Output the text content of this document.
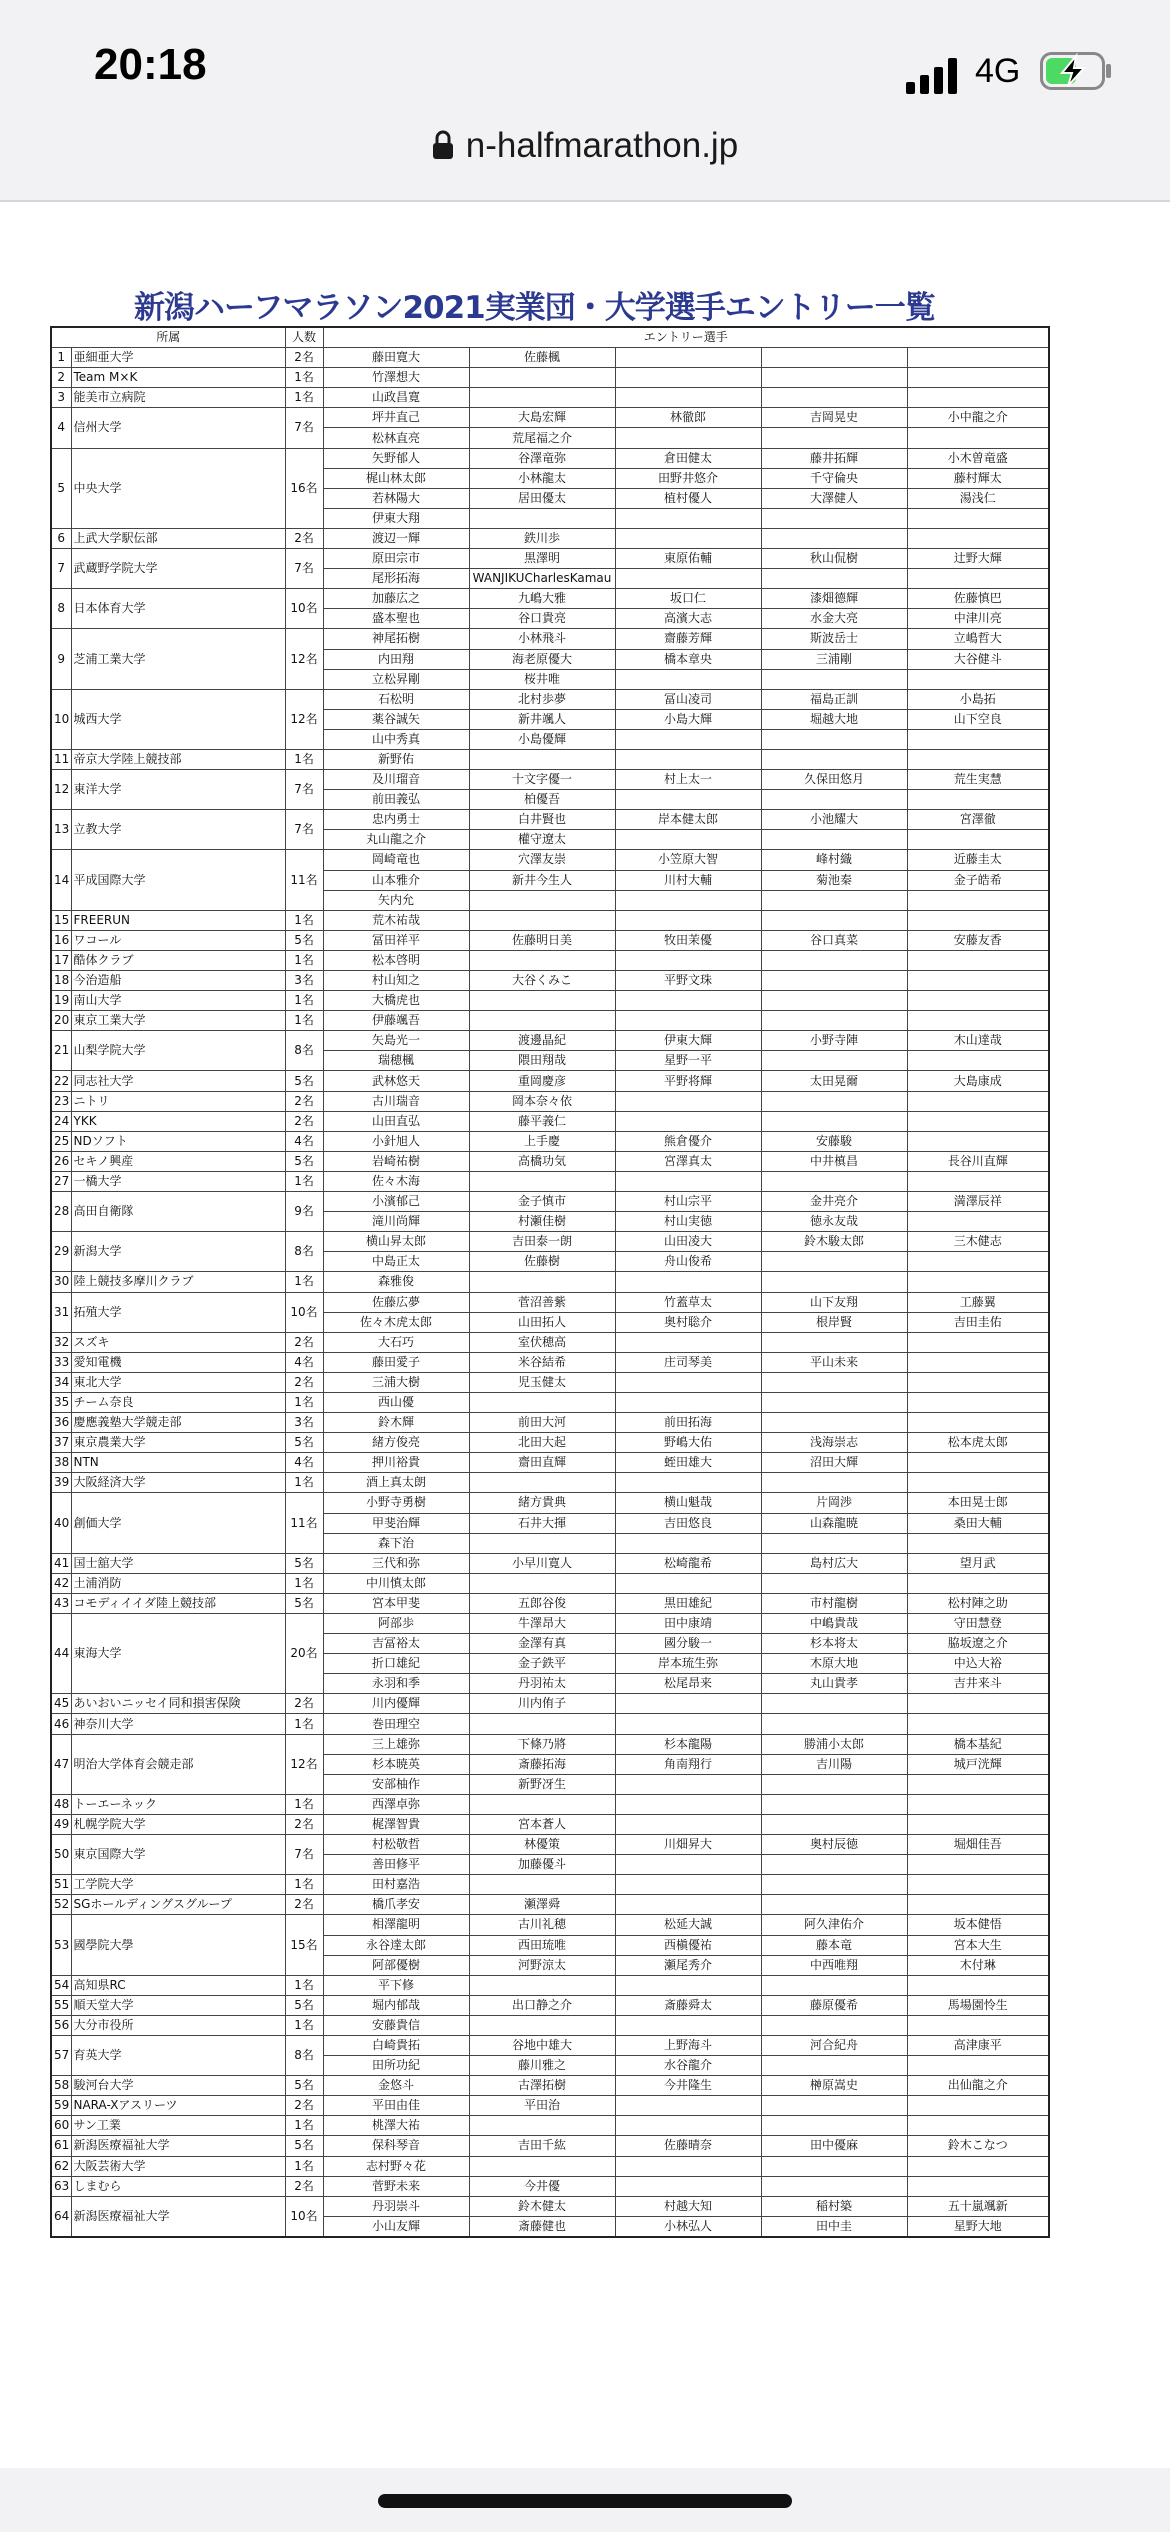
20:18	4G
n-halfmarathon.jp
新潟ハーフマラソン2021実業団・大学選手エントリー一覧
所属		人数	エントリー選手				
1	亜細亜大学	2名	藤田寛大	佐藤楓			
2	Team M×K	1名	竹澤想大				
3	能美市立病院	1名	山政昌寛				
4	信州大学	7名	坪井直己	大島宏輝	林徹郎	吉岡晃史	小中龍之介
			松林直亮	荒尾福之介			
5	中央大学	16名	矢野郁人	谷澤竜弥	倉田健太	藤井拓輝	小木曽竜盛
			梶山林太郎	小林龍太	田野井悠介	千守倫央	藤村輝太
			若林陽大	居田優太	植村優人	大澤健人	湯浅仁
			伊東大翔				
6	上武大学駅伝部	2名	渡辺一輝	鉄川歩			
7	武蔵野学院大学	7名	原田宗市	黒澤明	東原佑輔	秋山侃樹	辻野大輝
			尾形拓海	WANJIKUCharlesKamau			
8	日本体育大学	10名	加藤広之	九嶋大雅	坂口仁	漆畑德輝	佐藤慎巴
			盛本聖也	谷口貴亮	高濱大志	水金大亮	中津川亮
9	芝浦工業大学	12名	神尾拓樹	小林飛斗	齋藤芳輝	斯波岳士	立嶋哲大
			内田翔	海老原優大	橋本章央	三浦剛	大谷健斗
			立松昇剛	桜井唯			
10	城西大学	12名	石松明	北村歩夢	冨山凌司	福島正訓	小島拓
			薬谷誠矢	新井颯人	小島大輝	堀越大地	山下空良
			山中秀真	小島優輝			
11	帝京大学陸上競技部	1名	新野佑				
12	東洋大学	7名	及川瑠音	十文字優一	村上太一	久保田悠月	荒生実慧
			前田義弘	柏優吾			
13	立教大学	7名	忠内勇士	白井賢也	岸本健太郎	小池耀大	宮澤徹
			丸山龍之介	權守遼太			
14	平成国際大学	11名	岡崎竜也	穴澤友崇	小笠原大智	峰村織	近藤圭太
			山本雅介	新井今生人	川村大輔	菊池秦	金子皓希
			矢内允				
15	FREERUN	1名	荒木祐哉				
16	ワコール	5名	冨田祥平	佐藤明日美	牧田茉優	谷口真菜	安藤友香
17	酷体クラブ	1名	松本啓明				
18	今治造船	3名	村山知之	大谷くみこ	平野文珠		
19	南山大学	1名	大橋虎也				
20	東京工業大学	1名	伊藤颯吾				
21	山梨学院大学	8名	矢島光一	渡邊晶紀	伊東大輝	小野寺陣	木山達哉
			瑞穂楓	隈田翔哉	星野一平		
22	同志社大学	5名	武林悠天	重岡慶彦	平野将輝	太田晃爾	大島康成
23	ニトリ	2名	古川瑞音	岡本奈々依			
24	YKK	2名	山田直弘	藤平義仁			
25	NDソフト	4名	小針旭人	上手慶	熊倉優介	安藤駿	
26	セキノ興産	5名	岩崎祐樹	高橋功気	宮澤真太	中井槙昌	長谷川直輝
27	一橋大学	1名	佐々木海				
28	高田自衛隊	9名	小濱郁己	金子慎市	村山宗平	金井亮介	満澤辰祥
			滝川尚輝	村瀬佳樹	村山実徳	徳永友哉	
29	新潟大学	8名	横山昇太郎	吉田泰一朗	山田凌大	鈴木駿太郎	三木健志
			中島正太	佐藤樹	舟山俊希		
30	陸上競技多摩川クラブ	1名	森雅俊				
31	拓殖大学	10名	佐藤広夢	菅沼善紫	竹蓋草太	山下友翔	工藤翼
			佐々木虎太郎	山田拓人	奥村聡介	根岸賢	吉田圭佑
32	スズキ	2名	大石巧	室伏穂高			
33	愛知電機	4名	藤田愛子	米谷結希	庄司琴美	平山未来	
34	東北大学	2名	三浦大樹	児玉健太			
35	チーム奈良	1名	西山優				
36	慶應義塾大学競走部	3名	鈴木輝	前田大河	前田拓海		
37	東京農業大学	5名	緒方俊亮	北田大起	野嶋大佑	浅海崇志	松本虎太郎
38	NTN	4名	押川裕貴	齋田直輝	蛭田雄大	沼田大輝	
39	大阪経済大学	1名	酒上真太朗				
40	創価大学	11名	小野寺勇樹	緒方貴典	横山魁哉	片岡渉	本田晃士郎
			甲斐治輝	石井大揮	吉田悠良	山森龍暁	桑田大輔
			森下治				
41	国士舘大学	5名	三代和弥	小早川寛人	松崎龍希	島村広大	望月武
42	土浦消防	1名	中川慎太郎				
43	コモディイイダ陸上競技部	5名	宮本甲斐	五郎谷俊	黒田雄紀	市村龍樹	松村陣之助
44	東海大学	20名	阿部歩	牛澤昂大	田中康靖	中嶋貴哉	守田慧登
			吉冨裕太	金澤有真	國分駿一	杉本将太	脇坂遼之介
			折口雄紀	金子鉄平	岸本琉生弥	木原大地	中込大裕
			永羽和季	丹羽祐太	松尾昂来	丸山貴孝	吉井来斗
45	あいおいニッセイ同和損害保険	2名	川内優輝	川内侑子			
46	神奈川大学	1名	巻田理空				
47	明治大学体育会競走部	12名	三上雄弥	下條乃將	杉本龍陽	勝浦小太郎	橋本基紀
			杉本暁英	斎藤拓海	角南翔行	吉川陽	城戸洸輝
			安部柚作	新野冴生			
48	トーエーネック	1名	西澤卓弥				
49	札幌学院大学	2名	梶澤智貴	宮本蒼人			
50	東京国際大学	7名	村松敬哲	林優策	川畑昇大	奥村辰徳	堀畑佳吾
			善田修平	加藤優斗			
51	工学院大学	1名	田村嘉浩				
52	SGホールディングスグループ	2名	橋爪孝安	瀬澤舜			
53	國學院大學	15名	相澤龍明	古川礼穂	松延大誠	阿久津佑介	坂本健悟
			永谷達太郎	西田琉唯	西槇優祐	藤本竜	宮本大生
			阿部優樹	河野涼太	瀬尾秀介	中西唯翔	木付琳
54	高知県RC	1名	平下修				
55	順天堂大学	5名	堀内郁哉	出口静之介	斎藤舜太	藤原優希	馬場園怜生
56	大分市役所	1名	安藤貴信				
57	育英大学	8名	白崎貴拓	谷地中雄大	上野海斗	河合紀舟	高津康平
			田所功紀	藤川雅之	水谷龍介		
58	駿河台大学	5名	金悠斗	古澤拓樹	今井隆生	榊原嵩史	出仙龍之介
59	NARA-Xアスリーツ	2名	平田由佳	平田治			
60	サン工業	1名	桃澤大祐				
61	新潟医療福祉大学	5名	保科琴音	吉田千紘	佐藤晴奈	田中優麻	鈴木こなつ
62	大阪芸術大学	1名	志村野々花				
63	しまむら	2名	菅野未来	今井優			
64	新潟医療福祉大学	10名	丹羽崇斗	鈴木健太	村越大知	稲村築	五十嵐颯新
			小山友輝	斎藤健也	小林弘人	田中圭	星野大地
